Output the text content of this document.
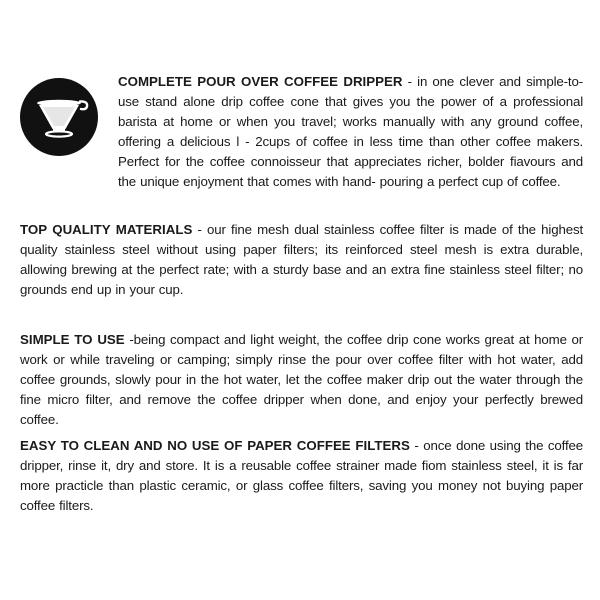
COMPLETE POUR OVER COFFEE DRIPPER - in one clever and simple-to-use stand alone drip coffee cone that gives you the power of a professional barista at home or when you travel; works manually with any ground coffee, offering a delicious l - 2cups of coffee in less time than other coffee makers. Perfect for the coffee connoisseur that appreciates richer, bolder fiavours and the unique enjoyment that comes with hand- pouring a perfect cup of coffee.
TOP QUALITY MATERIALS - our fine mesh dual stainless coffee filter is made of the highest quality stainless steel without using paper filters; its reinforced steel mesh is extra durable, allowing brewing at the perfect rate; with a sturdy base and an extra fine stainless steel filter; no grounds end up in your cup.
SIMPLE TO USE -being compact and light weight, the coffee drip cone works great at home or work or while traveling or camping; simply rinse the pour over coffee filter with hot water, add coffee grounds, slowly pour in the hot water, let the coffee maker drip out the water through the fine micro filter, and remove the coffee dripper when done, and enjoy your perfectly brewed coffee.
EASY TO CLEAN AND NO USE OF PAPER COFFEE FILTERS - once done using the coffee dripper, rinse it, dry and store. It is a reusable coffee strainer made fiom stainless steel, it is far more practicle than plastic ceramic, or glass coffee filters, saving you money not buying paper coffee filters.
